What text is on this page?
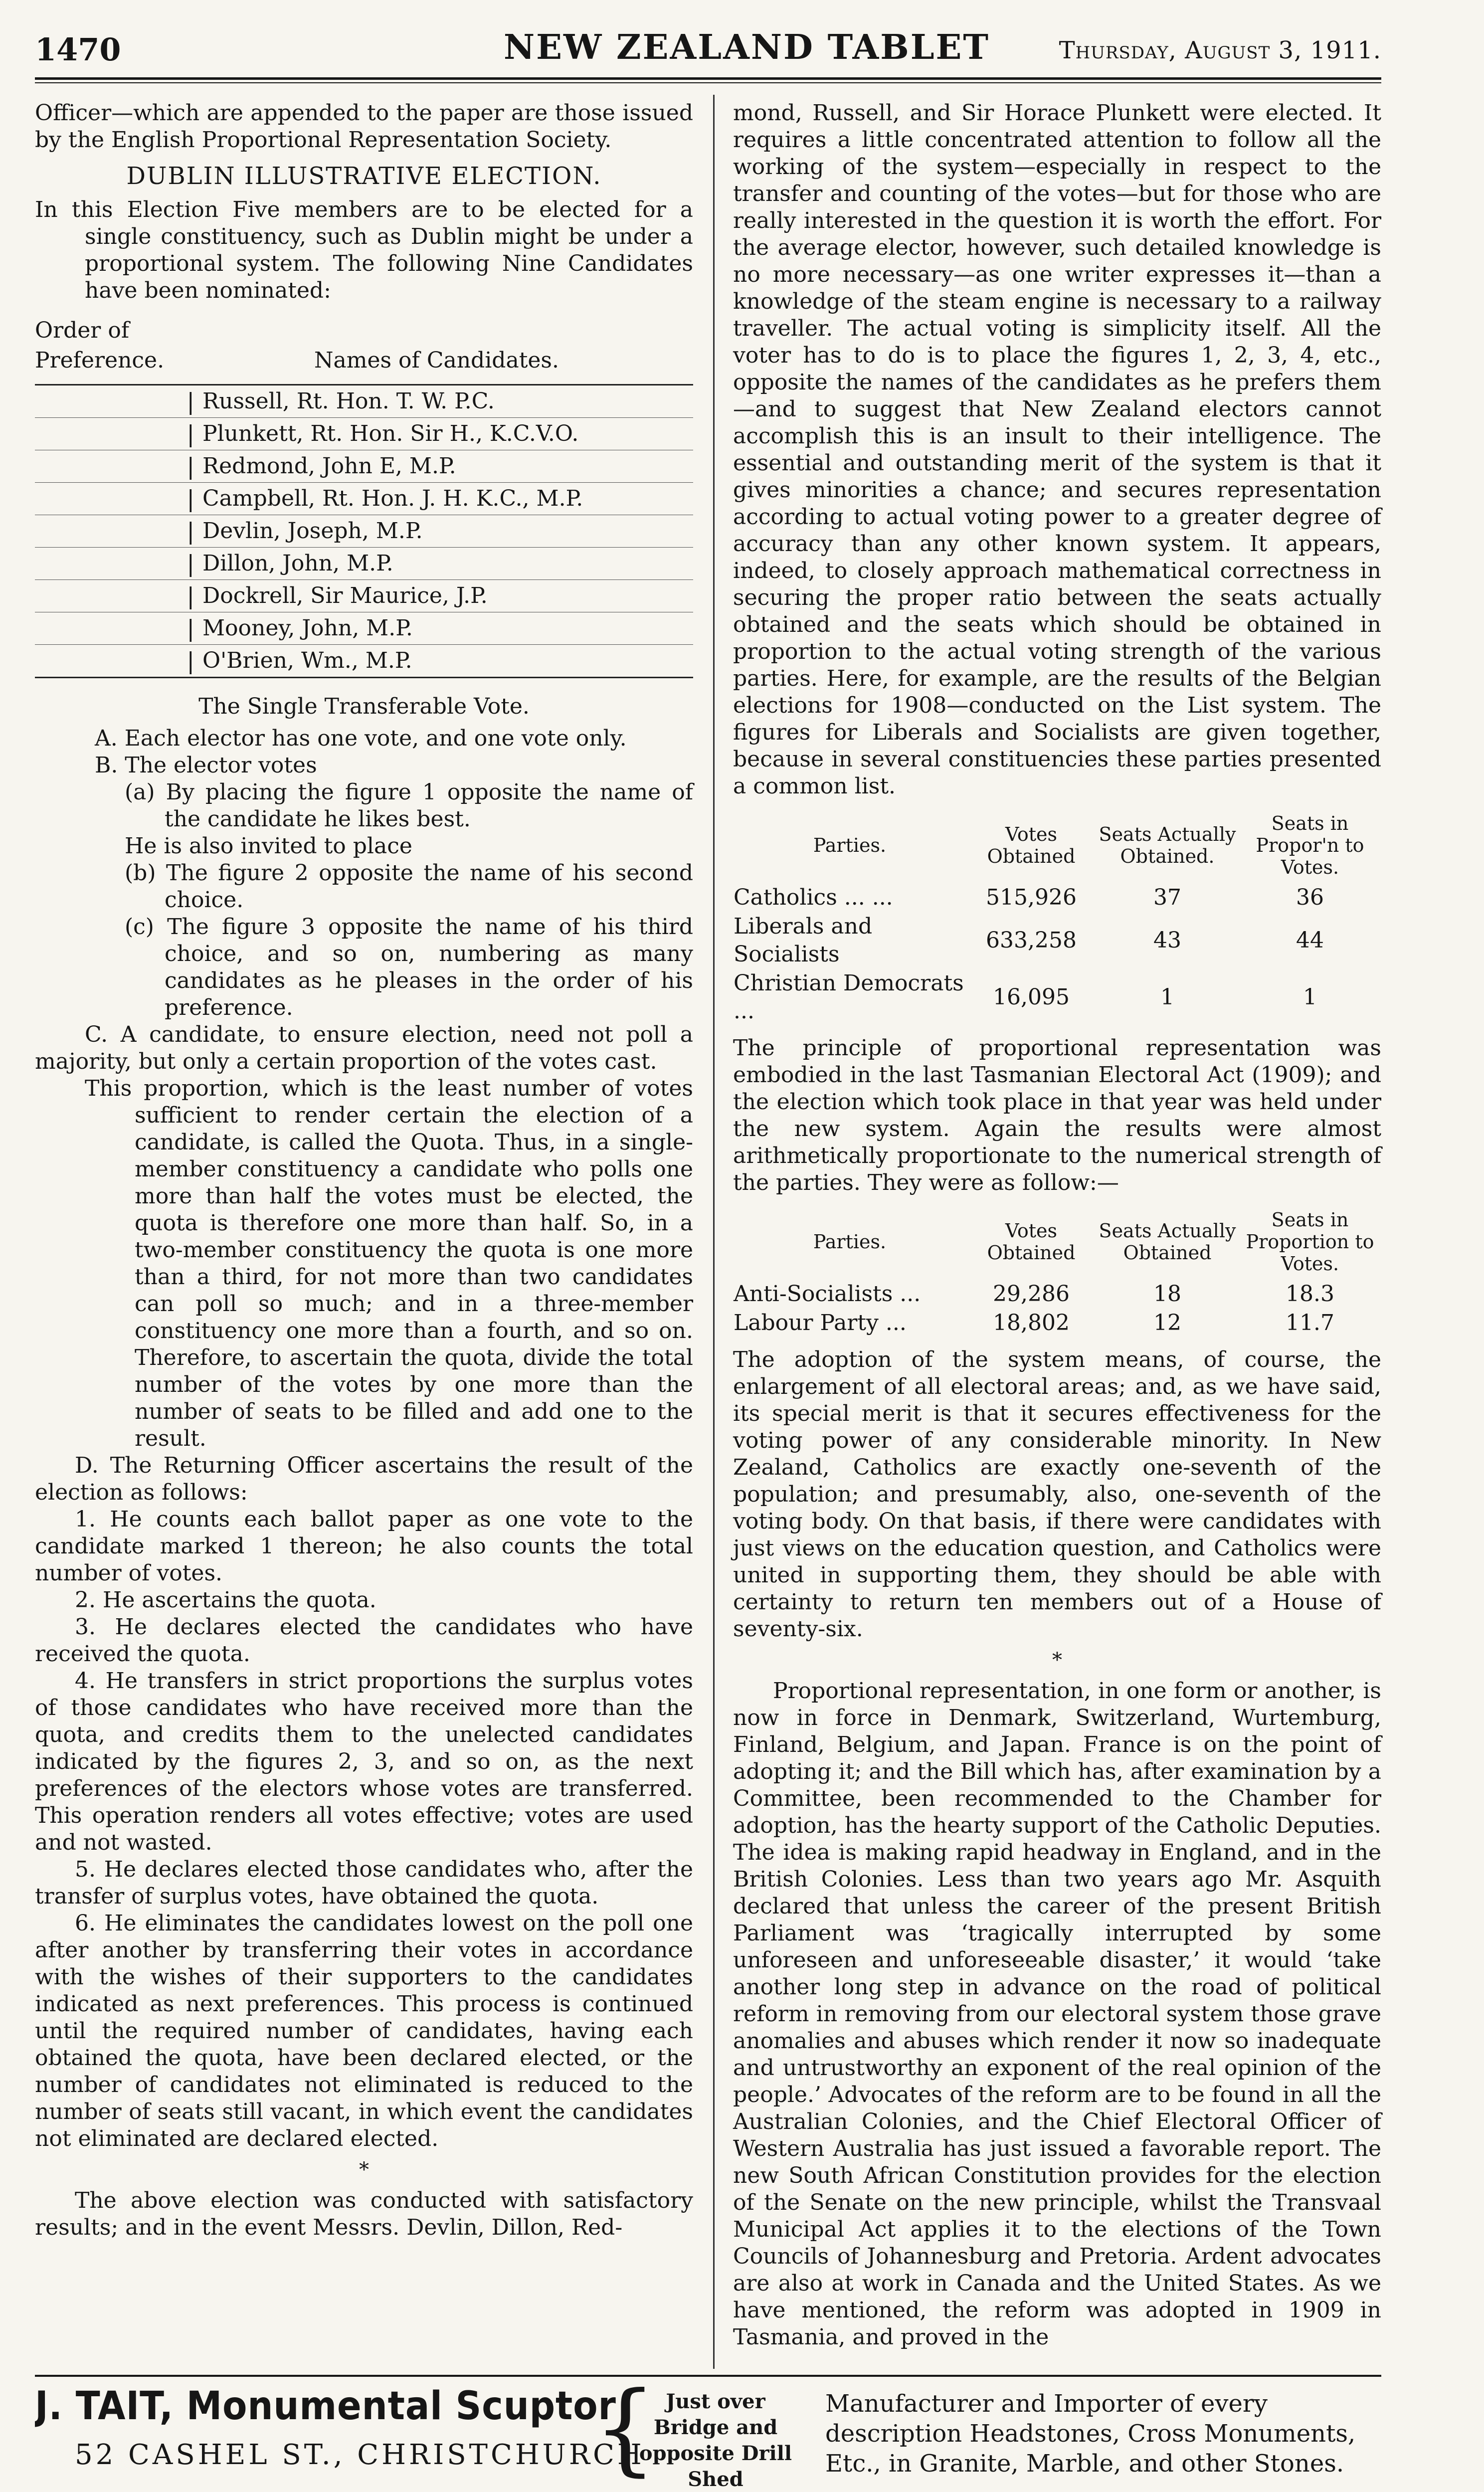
1470	NEW ZEALAND TABLET	Thursday, August 3, 1911.

Officer—which are appended to the paper are those issued by the English Proportional Representation Society.

DUBLIN ILLUSTRATIVE ELECTION.

In this Election Five members are to be elected for a single constituency, such as Dublin might be under a proportional system. The following Nine Candidates have been nominated:

Order of
Preference.	Names of Candidates.
| Russell, Rt. Hon. T. W. P.C.
| Plunkett, Rt. Hon. Sir H., K.C.V.O.
| Redmond, John E, M.P.
| Campbell, Rt. Hon. J. H. K.C., M.P.
| Devlin, Joseph, M.P.
| Dillon, John, M.P.
| Dockrell, Sir Maurice, J.P.
| Mooney, John, M.P.
| O'Brien, Wm., M.P.

The Single Transferable Vote.

A. Each elector has one vote, and one vote only.

B. The elector votes

(a) By placing the figure 1 opposite the name of the candidate he likes best.

He is also invited to place

(b) The figure 2 opposite the name of his second choice.

(c) The figure 3 opposite the name of his third choice, and so on, numbering as many candidates as he pleases in the order of his preference.

C. A candidate, to ensure election, need not poll a majority, but only a certain proportion of the votes cast.

This proportion, which is the least number of votes sufficient to render certain the election of a candidate, is called the Quota. Thus, in a single-member constituency a candidate who polls one more than half the votes must be elected, the quota is therefore one more than half. So, in a two-member constituency the quota is one more than a third, for not more than two candidates can poll so much; and in a three-member constituency one more than a fourth, and so on. Therefore, to ascertain the quota, divide the total number of the votes by one more than the number of seats to be filled and add one to the result.

D. The Returning Officer ascertains the result of the election as follows:

1. He counts each ballot paper as one vote to the candidate marked 1 thereon; he also counts the total number of votes.

2. He ascertains the quota.

3. He declares elected the candidates who have received the quota.

4. He transfers in strict proportions the surplus votes of those candidates who have received more than the quota, and credits them to the unelected candidates indicated by the figures 2, 3, and so on, as the next preferences of the electors whose votes are transferred. This operation renders all votes effective; votes are used and not wasted.

5. He declares elected those candidates who, after the transfer of surplus votes, have obtained the quota.

6. He eliminates the candidates lowest on the poll one after another by transferring their votes in accordance with the wishes of their supporters to the candidates indicated as next preferences. This process is continued until the required number of candidates, having each obtained the quota, have been declared elected, or the number of candidates not eliminated is reduced to the number of seats still vacant, in which event the candidates not eliminated are declared elected.

*

The above election was conducted with satisfactory results; and in the event Messrs. Devlin, Dillon, Red-

mond, Russell, and Sir Horace Plunkett were elected. It requires a little concentrated attention to follow all the working of the system—especially in respect to the transfer and counting of the votes—but for those who are really interested in the question it is worth the effort. For the average elector, however, such detailed knowledge is no more necessary—as one writer expresses it—than a knowledge of the steam engine is necessary to a railway traveller. The actual voting is simplicity itself. All the voter has to do is to place the figures 1, 2, 3, 4, etc., opposite the names of the candidates as he prefers them—and to suggest that New Zealand electors cannot accomplish this is an insult to their intelligence. The essential and outstanding merit of the system is that it gives minorities a chance; and secures representation according to actual voting power to a greater degree of accuracy than any other known system. It appears, indeed, to closely approach mathematical correctness in securing the proper ratio between the seats actually obtained and the seats which should be obtained in proportion to the actual voting strength of the various parties. Here, for example, are the results of the Belgian elections for 1908—conducted on the List system. The figures for Liberals and Socialists are given together, because in several constituencies these parties presented a common list.

Parties.	Votes Obtained	Seats Actually Obtained.	Seats in Propor'n to Votes.
Catholics ... ...	515,926	37	36
Liberals and Socialists	633,258	43	44
Christian Democrats ...	16,095	1	1

The principle of proportional representation was embodied in the last Tasmanian Electoral Act (1909); and the election which took place in that year was held under the new system. Again the results were almost arithmetically proportionate to the numerical strength of the parties. They were as follow:—

Parties.	Votes Obtained	Seats Actually Obtained	Seats in Proportion to Votes.
Anti-Socialists ...	29,286	18	18.3
Labour Party ...	18,802	12	11.7

The adoption of the system means, of course, the enlargement of all electoral areas; and, as we have said, its special merit is that it secures effectiveness for the voting power of any considerable minority. In New Zealand, Catholics are exactly one-seventh of the population; and presumably, also, one-seventh of the voting body. On that basis, if there were candidates with just views on the education question, and Catholics were united in supporting them, they should be able with certainty to return ten members out of a House of seventy-six.

*

Proportional representation, in one form or another, is now in force in Denmark, Switzerland, Wurtemburg, Finland, Belgium, and Japan. France is on the point of adopting it; and the Bill which has, after examination by a Committee, been recommended to the Chamber for adoption, has the hearty support of the Catholic Deputies. The idea is making rapid headway in England, and in the British Colonies. Less than two years ago Mr. Asquith declared that unless the career of the present British Parliament was ‘tragically interrupted by some unforeseen and unforeseeable disaster,’ it would ‘take another long step in advance on the road of political reform in removing from our electoral system those grave anomalies and abuses which render it now so inadequate and untrustworthy an exponent of the real opinion of the people.’ Advocates of the reform are to be found in all the Australian Colonies, and the Chief Electoral Officer of Western Australia has just issued a favorable report. The new South African Constitution provides for the election of the Senate on the new principle, whilst the Transvaal Municipal Act applies it to the elections of the Town Councils of Johannesburg and Pretoria. Ardent advocates are also at work in Canada and the United States. As we have mentioned, the reform was adopted in 1909 in Tasmania, and proved in the

J. TAIT, Monumental Scuptor
52 CASHEL ST., CHRISTCHURCH
{ Just over Bridge and opposite Drill Shed
Manufacturer and Importer of every description Headstones, Cross Monuments, Etc., in Granite, Marble, and other Stones.
